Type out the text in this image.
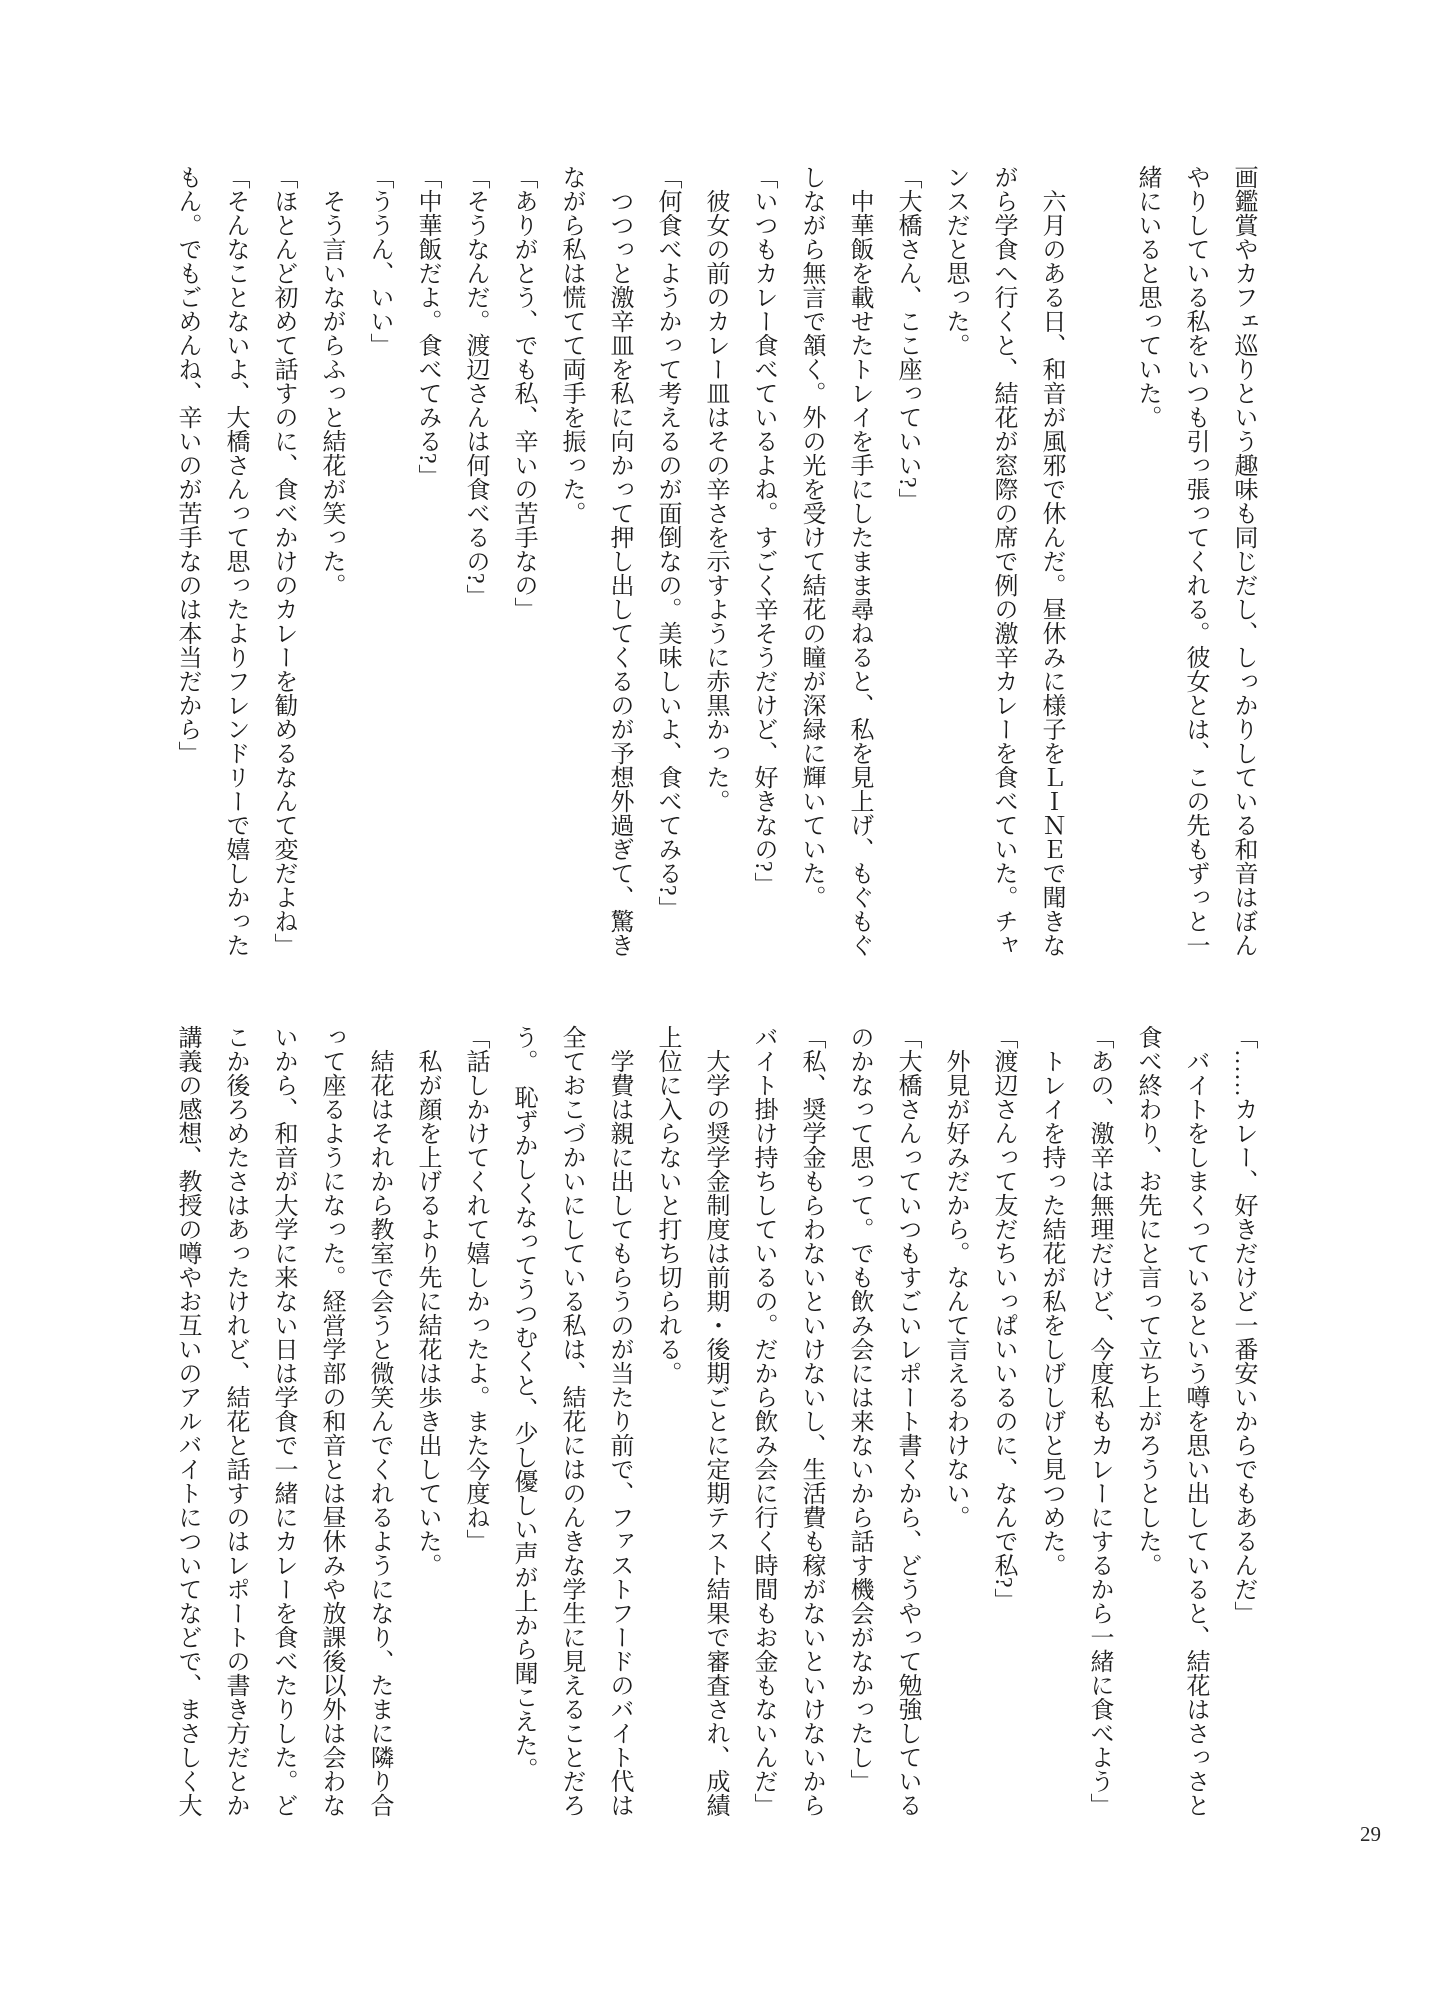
画鑑賞やカフェ巡りという趣味も同じだし、しっかりしている和音はぼん
やりしている私をいつも引っ張ってくれる。彼女とは、この先もずっと一
緒にいると思っていた。
　六月のある日、和音が風邪で休んだ。昼休みに様子をＬＩＮＥで聞きな
がら学食へ行くと、結花が窓際の席で例の激辛カレーを食べていた。チャ
ンスだと思った。
「大橋さん、ここ座っていい?」
　中華飯を載せたトレイを手にしたまま尋ねると、私を見上げ、もぐもぐ
しながら無言で頷く。外の光を受けて結花の瞳が深緑に輝いていた。
「いつもカレー食べているよね。すごく辛そうだけど、好きなの?」
　彼女の前のカレー皿はその辛さを示すように赤黒かった。
「何食べようかって考えるのが面倒なの。美味しいよ、食べてみる?」
　つつっと激辛皿を私に向かって押し出してくるのが予想外過ぎて、驚き
ながら私は慌てて両手を振った。
「ありがとう、でも私、辛いの苦手なの」
「そうなんだ。渡辺さんは何食べるの?」
「中華飯だよ。食べてみる?」
「ううん、いい」
　そう言いながらふっと結花が笑った。
「ほとんど初めて話すのに、食べかけのカレーを勧めるなんて変だよね」
「そんなことないよ、大橋さんって思ったよりフレンドリーで嬉しかった
もん。でもごめんね、辛いのが苦手なのは本当だから」
「……カレー、好きだけど一番安いからでもあるんだ」
　バイトをしまくっているという噂を思い出していると、結花はさっさと
食べ終わり、お先にと言って立ち上がろうとした。
「あの、激辛は無理だけど、今度私もカレーにするから一緒に食べよう」
　トレイを持った結花が私をしげしげと見つめた。
「渡辺さんって友だちいっぱいいるのに、なんで私?」
　外見が好みだから。なんて言えるわけない。
「大橋さんっていつもすごいレポート書くから、どうやって勉強している
のかなって思って。でも飲み会には来ないから話す機会がなかったし」
「私、奨学金もらわないといけないし、生活費も稼がないといけないから
バイト掛け持ちしているの。だから飲み会に行く時間もお金もないんだ」
　大学の奨学金制度は前期・後期ごとに定期テスト結果で審査され、成績
上位に入らないと打ち切られる。
　学費は親に出してもらうのが当たり前で、ファストフードのバイト代は
全ておこづかいにしている私は、結花にはのんきな学生に見えることだろ
う。　恥ずかしくなってうつむくと、少し優しい声が上から聞こえた。
「話しかけてくれて嬉しかったよ。また今度ね」
　私が顔を上げるより先に結花は歩き出していた。
　結花はそれから教室で会うと微笑んでくれるようになり、たまに隣り合
って座るようになった。経営学部の和音とは昼休みや放課後以外は会わな
いから、和音が大学に来ない日は学食で一緒にカレーを食べたりした。ど
こか後ろめたさはあったけれど、結花と話すのはレポートの書き方だとか
講義の感想、教授の噂やお互いのアルバイトについてなどで、まさしく大
29
